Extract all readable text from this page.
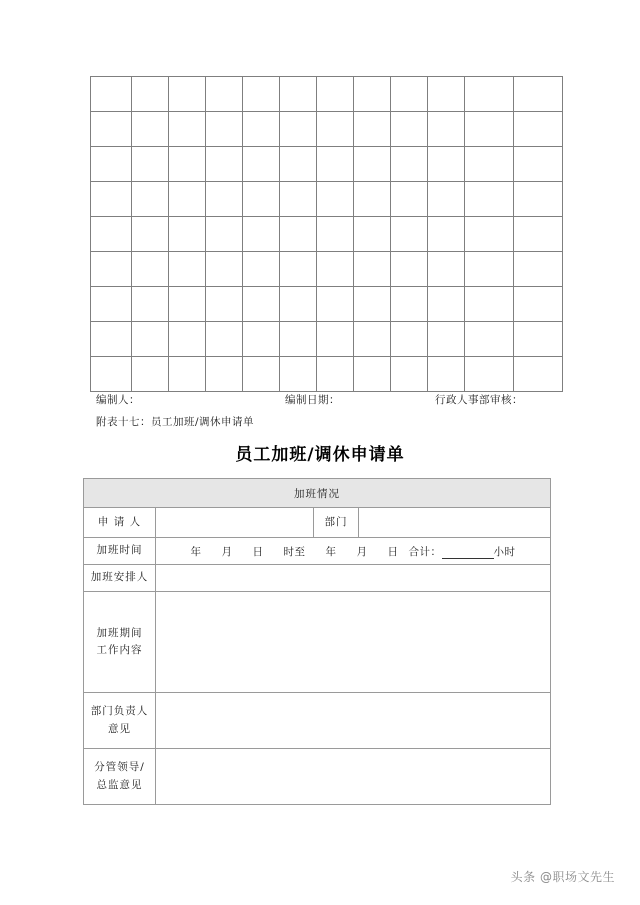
编制人：	编制日期：	行政人事部审核：
附表十七：员工加班/调休申请单
员工加班/调休申请单
加班情况			
申 请 人		部门	
加班时间	年 月 日 时至 年 月 日 合计： 小时		
加班安排人			
加班期间
工作内容			
部门负责人
意见			
分管领导/
总监意见			
头条 @职场文先生
